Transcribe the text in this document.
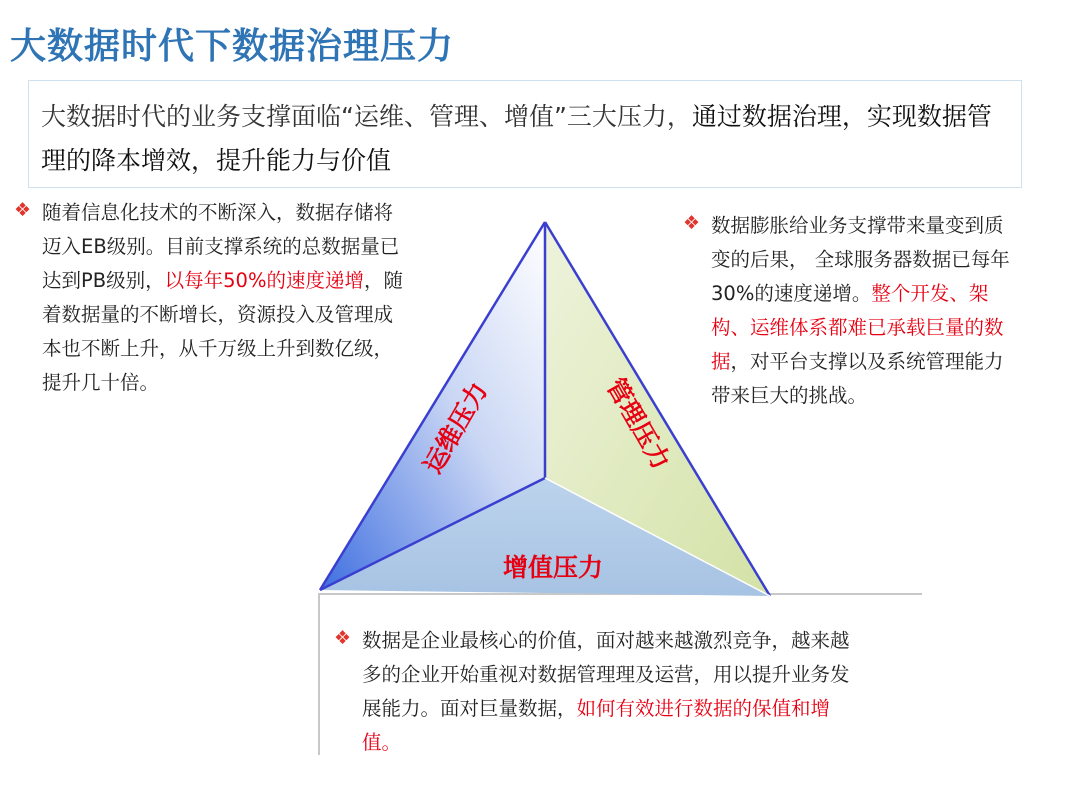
大数据时代下数据治理压力
大数据时代的业务支撑面临“运维、管理、增值”三大压力，通过数据治理，实现数据管理的降本增效，提升能力与价值
运维压力	管理压力
增值压力
❖ 随着信息化技术的不断深入，数据存储将迈入EB级别。目前支撑系统的总数据量已达到PB级别，以每年50%的速度递增，随着数据量的不断增长，资源投入及管理成本也不断上升，从千万级上升到数亿级，提升几十倍。
❖ 数据膨胀给业务支撑带来量变到质变的后果， 全球服务器数据已每年30%的速度递增。整个开发、架构、运维体系都难已承载巨量的数据，对平台支撑以及系统管理能力带来巨大的挑战。
❖ 数据是企业最核心的价值，面对越来越激烈竞争，越来越多的企业开始重视对数据管理理及运营，用以提升业务发展能力。面对巨量数据，如何有效进行数据的保值和增值。
